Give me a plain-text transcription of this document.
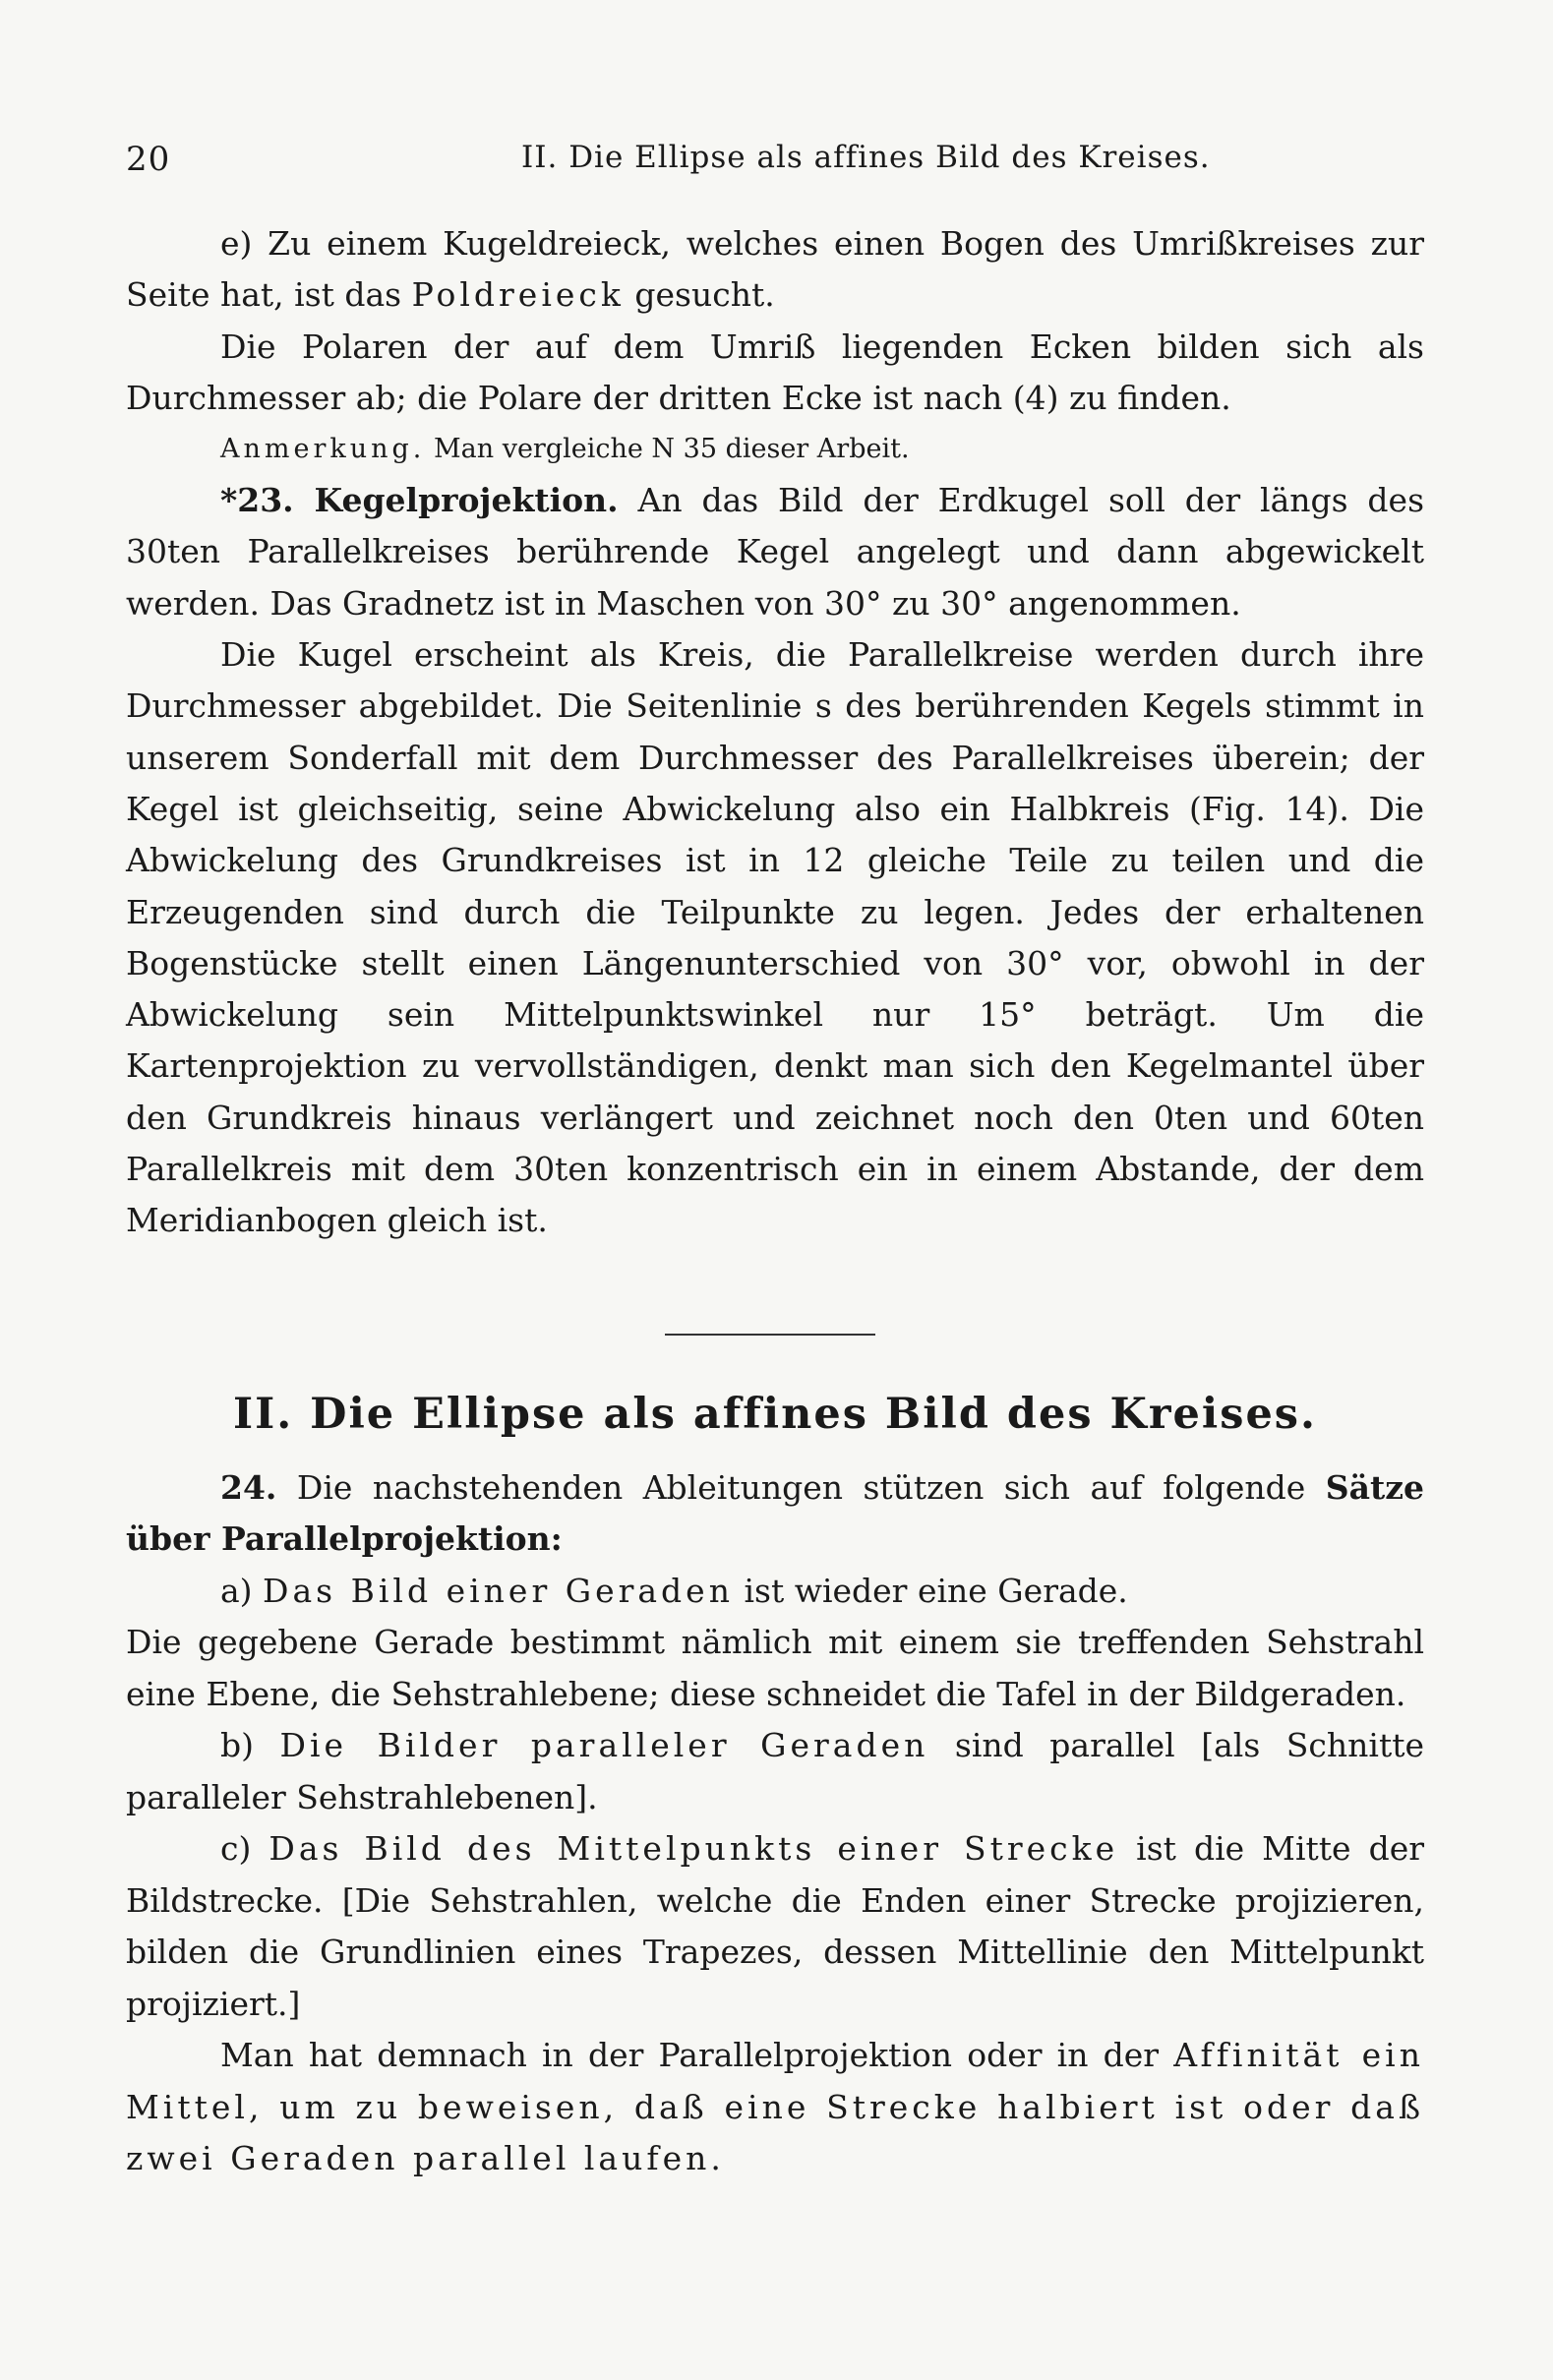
20	II. Die Ellipse als affines Bild des Kreises.

e) Zu einem Kugeldreieck, welches einen Bogen des Umrißkreises zur Seite hat, ist das Poldreieck gesucht.

Die Polaren der auf dem Umriß liegenden Ecken bilden sich als Durchmesser ab; die Polare der dritten Ecke ist nach (4) zu finden.

Anmerkung. Man vergleiche N 35 dieser Arbeit.

*23. Kegelprojektion. An das Bild der Erdkugel soll der längs des 30ten Parallelkreises berührende Kegel angelegt und dann abgewickelt werden. Das Gradnetz ist in Maschen von 30° zu 30° angenommen.

Die Kugel erscheint als Kreis, die Parallelkreise werden durch ihre Durchmesser abgebildet. Die Seitenlinie s des berührenden Kegels stimmt in unserem Sonderfall mit dem Durchmesser des Parallelkreises überein; der Kegel ist gleichseitig, seine Abwickelung also ein Halbkreis (Fig. 14). Die Abwickelung des Grundkreises ist in 12 gleiche Teile zu teilen und die Erzeugenden sind durch die Teilpunkte zu legen. Jedes der erhaltenen Bogenstücke stellt einen Längenunterschied von 30° vor, obwohl in der Abwickelung sein Mittelpunktswinkel nur 15° beträgt. Um die Kartenprojektion zu vervollständigen, denkt man sich den Kegelmantel über den Grundkreis hinaus verlängert und zeichnet noch den 0ten und 60ten Parallelkreis mit dem 30ten konzentrisch ein in einem Abstande, der dem Meridianbogen gleich ist.

II. Die Ellipse als affines Bild des Kreises.

24. Die nachstehenden Ableitungen stützen sich auf folgende Sätze über Parallelprojektion:

a) Das Bild einer Geraden ist wieder eine Gerade.

Die gegebene Gerade bestimmt nämlich mit einem sie treffenden Sehstrahl eine Ebene, die Sehstrahlebene; diese schneidet die Tafel in der Bildgeraden.

b) Die Bilder paralleler Geraden sind parallel [als Schnitte paralleler Sehstrahlebenen].

c) Das Bild des Mittelpunkts einer Strecke ist die Mitte der Bildstrecke. [Die Sehstrahlen, welche die Enden einer Strecke projizieren, bilden die Grundlinien eines Trapezes, dessen Mittellinie den Mittelpunkt projiziert.]

Man hat demnach in der Parallelprojektion oder in der Affinität ein Mittel, um zu beweisen, daß eine Strecke halbiert ist oder daß zwei Geraden parallel laufen.
